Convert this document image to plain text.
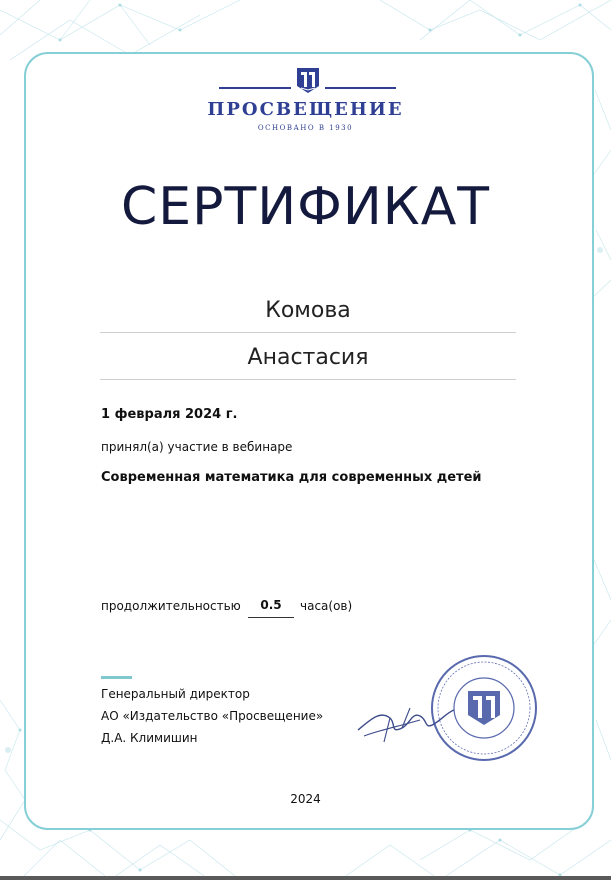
ПРОСВЕЩЕНИЕ
ОСНОВАНО В 1930
СЕРТИФИКАТ
Комова
Анастасия
1 февраля 2024 г.
принял(а) участие в вебинаре
Современная математика для современных детей
продолжительностью	0.5	часа(ов)
Генеральный директор
АО «Издательство «Просвещение»
Д.А. Климишин
2024
